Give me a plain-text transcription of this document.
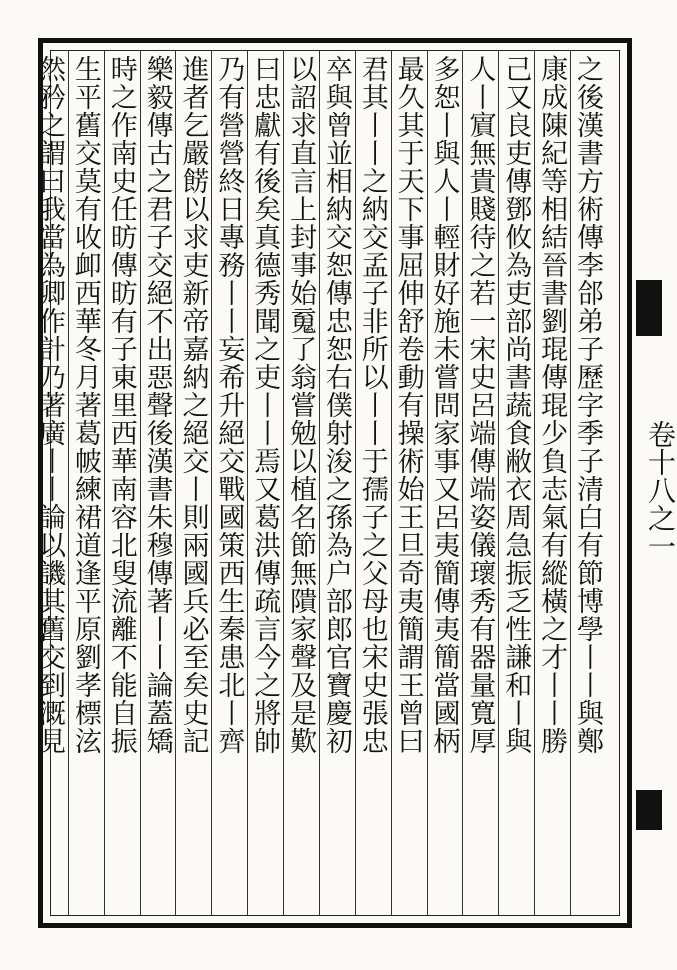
卷十八之一
之後漢書方術傳李郃弟子歷字季子清白有節博學丨丨與鄭
康成陳紀等相結晉書劉琨傳琨少負志氣有縱橫之才丨丨勝
己又良吏傳鄧攸為吏部尚書蔬食敝衣周急振乏性謙和丨與
人丨賔無貴賤待之若一宋史呂端傳端姿儀瓌秀有器量寬厚
多恕丨與人丨輕財好施未嘗問家事又呂夷簡傳夷簡當國柄
最久其于天下事屈伸舒卷動有操術始王旦奇夷簡謂王曾曰
君其丨丨之納交孟子非所以丨丨于孺子之父母也宋史張忠
卒與曾並相納交恕傳忠恕右僕射浚之孫為户部郎官寶慶初
以詔求直言上封事始䰟了翁嘗勉以植名節無隤家聲及是歎
曰忠獻有後矣真德秀聞之吏丨丨焉又葛洪傳疏言今之將帥
乃有營營終日專務丨丨妄希升絕交戰國策西生秦患北丨齊
進者乞嚴餝以求吏新帝嘉納之絕交丨則兩國兵必至矣史記
樂毅傳古之君子交絕不出惡聲後漢書朱穆傳著丨丨論蓋矯
時之作南史任昉傳昉有子東里西華南容北叟流離不能自振
生平舊交莫有收卹西華冬月著葛帔練裙道逢平原劉孝標泫
然矜之謂曰我當為卿作計乃著廣丨丨論以譏其舊交到溉見
